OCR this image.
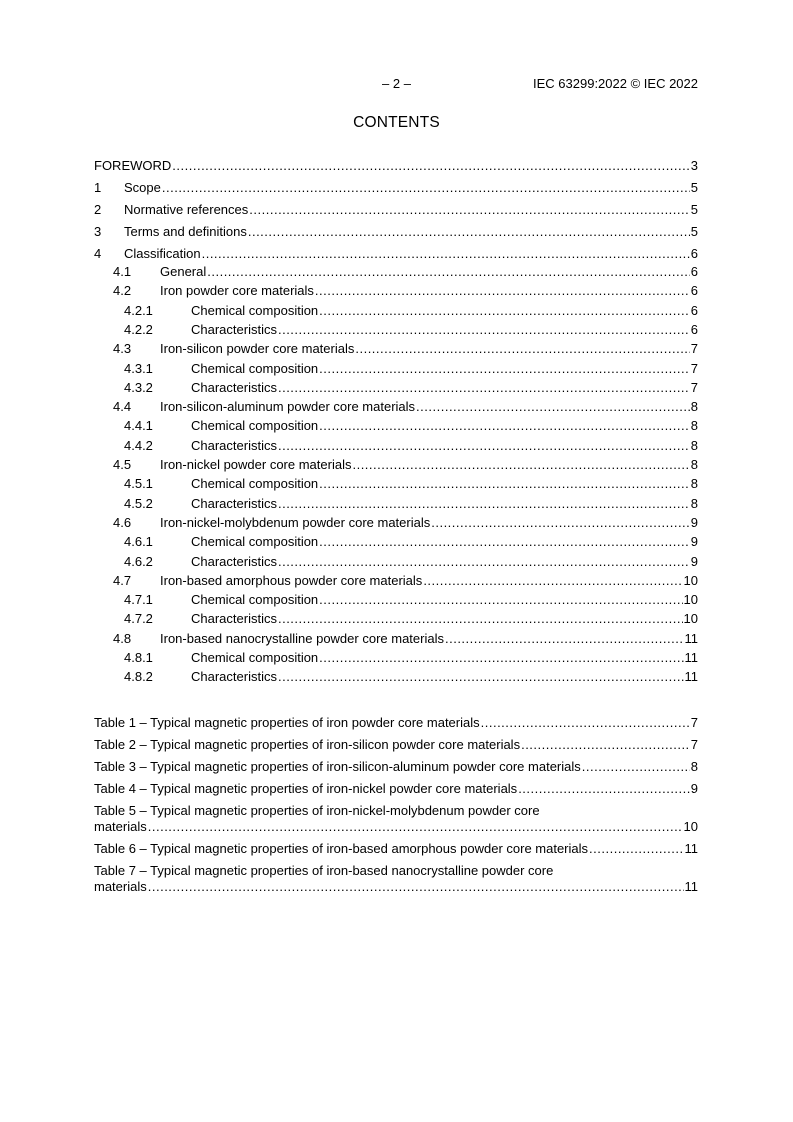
– 2 –	IEC 63299:2022 © IEC 2022
CONTENTS
FOREWORD .....	3
1	Scope .....	5
2	Normative references .....	5
3	Terms and definitions .....	5
4	Classification .....	6
4.1	General .....	6
4.2	Iron powder core materials .....	6
4.2.1	Chemical composition .....	6
4.2.2	Characteristics .....	6
4.3	Iron-silicon powder core materials .....	7
4.3.1	Chemical composition .....	7
4.3.2	Characteristics .....	7
4.4	Iron-silicon-aluminum powder core materials .....	8
4.4.1	Chemical composition .....	8
4.4.2	Characteristics .....	8
4.5	Iron-nickel powder core materials .....	8
4.5.1	Chemical composition .....	8
4.5.2	Characteristics .....	8
4.6	Iron-nickel-molybdenum powder core materials .....	9
4.6.1	Chemical composition .....	9
4.6.2	Characteristics .....	9
4.7	Iron-based amorphous powder core materials .....	10
4.7.1	Chemical composition .....	10
4.7.2	Characteristics .....	10
4.8	Iron-based nanocrystalline powder core materials .....	11
4.8.1	Chemical composition .....	11
4.8.2	Characteristics .....	11
Table 1 – Typical magnetic properties of iron powder core materials .....	7
Table 2 – Typical magnetic properties of iron-silicon powder core materials .....	7
Table 3 – Typical magnetic properties of iron-silicon-aluminum powder core materials .....	8
Table 4 – Typical magnetic properties of iron-nickel powder core materials .....	9
Table 5 – Typical magnetic properties of iron-nickel-molybdenum powder core
materials .....	10
Table 6 – Typical magnetic properties of iron-based amorphous powder core materials .....	11
Table 7 – Typical magnetic properties of iron-based nanocrystalline powder core
materials .....	11
